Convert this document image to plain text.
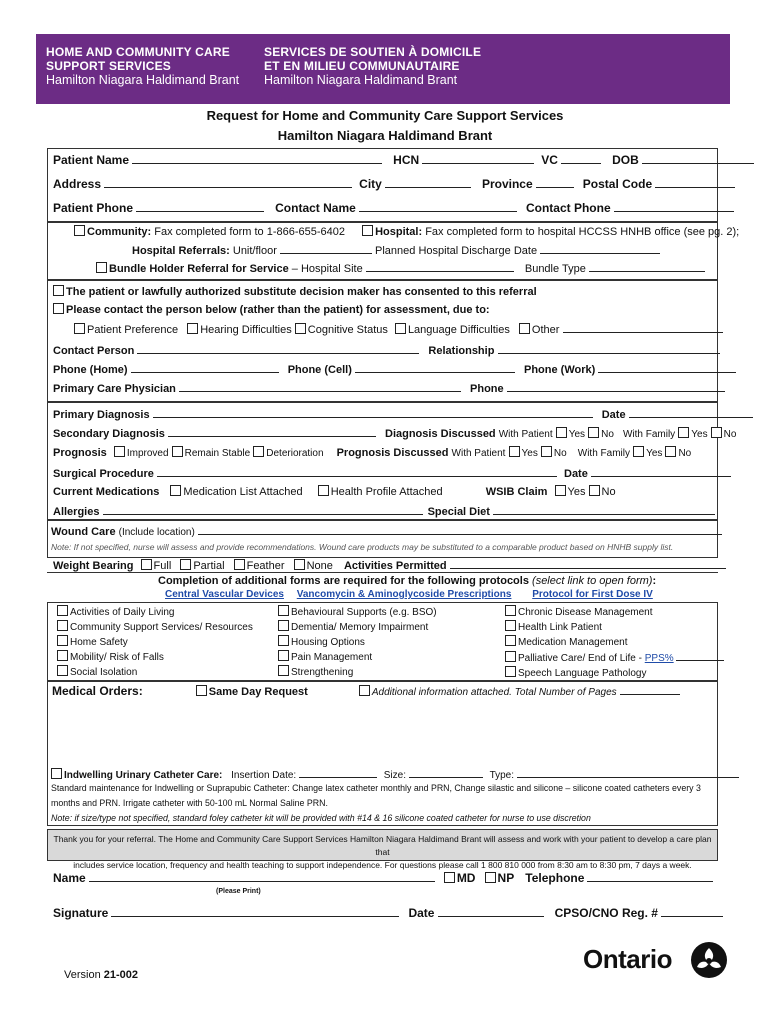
HOME AND COMMUNITY CARE
SUPPORT SERVICES
Hamilton Niagara Haldimand Brant
SERVICES DE SOUTIEN À DOMICILE
ET EN MILIEU COMMUNAUTAIRE
Hamilton Niagara Haldimand Brant
Request for Home and Community Care Support Services
Hamilton Niagara Haldimand Brant
Patient Name	HCN	VC	DOB
Address	City	Province	Postal Code
Patient Phone	Contact Name	Contact Phone
Community: Fax completed form to 1-866-655-6402	Hospital: Fax completed form to hospital HCCSS HNHB office (see pg. 2);
Hospital Referrals: Unit/floor	Planned Hospital Discharge Date
Bundle Holder Referral for Service – Hospital Site	Bundle Type
The patient or lawfully authorized substitute decision maker has consented to this referral
Please contact the person below (rather than the patient) for assessment, due to:
Patient Preference Hearing Difficulties Cognitive Status Language Difficulties Other
Contact Person	Relationship
Phone (Home)	Phone (Cell)	Phone (Work)
Primary Care Physician	Phone
Primary Diagnosis	Date
Secondary Diagnosis	Diagnosis Discussed With Patient Yes No With Family Yes No
Prognosis Improved Remain Stable Deterioration Prognosis Discussed With Patient Yes No With Family Yes No
Surgical Procedure	Date
Current Medications Medication List Attached	Health Profile Attached	WSIB Claim Yes No
Allergies	Special Diet
Wound Care (Include location)
Note: If not specified, nurse will assess and provide recommendations. Wound care products may be substituted to a comparable product based on HNHB supply list.
Weight Bearing Full Partial Feather None Activities Permitted
Completion of additional forms are required for the following protocols (select link to open form):
Central Vascular Devices Vancomycin & Aminoglycoside Prescriptions Protocol for First Dose IV
Activities of Daily Living
Community Support Services/ Resources
Home Safety
Mobility/ Risk of Falls
Social Isolation
Behavioural Supports (e.g. BSO)
Dementia/ Memory Impairment
Housing Options
Pain Management
Strengthening
Chronic Disease Management
Health Link Patient
Medication Management
Palliative Care/ End of Life - PPS%
Speech Language Pathology
Medical Orders:	Same Day Request	Additional information attached. Total Number of Pages
Indwelling Urinary Catheter Care: Insertion Date:	Size:	Type:
Standard maintenance for Indwelling or Suprapubic Catheter: Change latex catheter monthly and PRN, Change silastic and silicone – silicone coated catheters every 3
months and PRN. Irrigate catheter with 50-100 mL Normal Saline PRN.
Note: if size/type not specified, standard foley catheter kit will be provided with #14 & 16 silicone coated catheter for nurse to use discretion
Thank you for your referral. The Home and Community Care Support Services Hamilton Niagara Haldimand Brant will assess and work with your patient to develop a care plan that
includes service location, frequency and health teaching to support independence. For questions please call 1 800 810 000 from 8:30 am to 8:30 pm, 7 days a week.
Name	MD NP Telephone
(Please Print)
Signature	Date	CPSO/CNO Reg. #
Version 21-002
Ontario
